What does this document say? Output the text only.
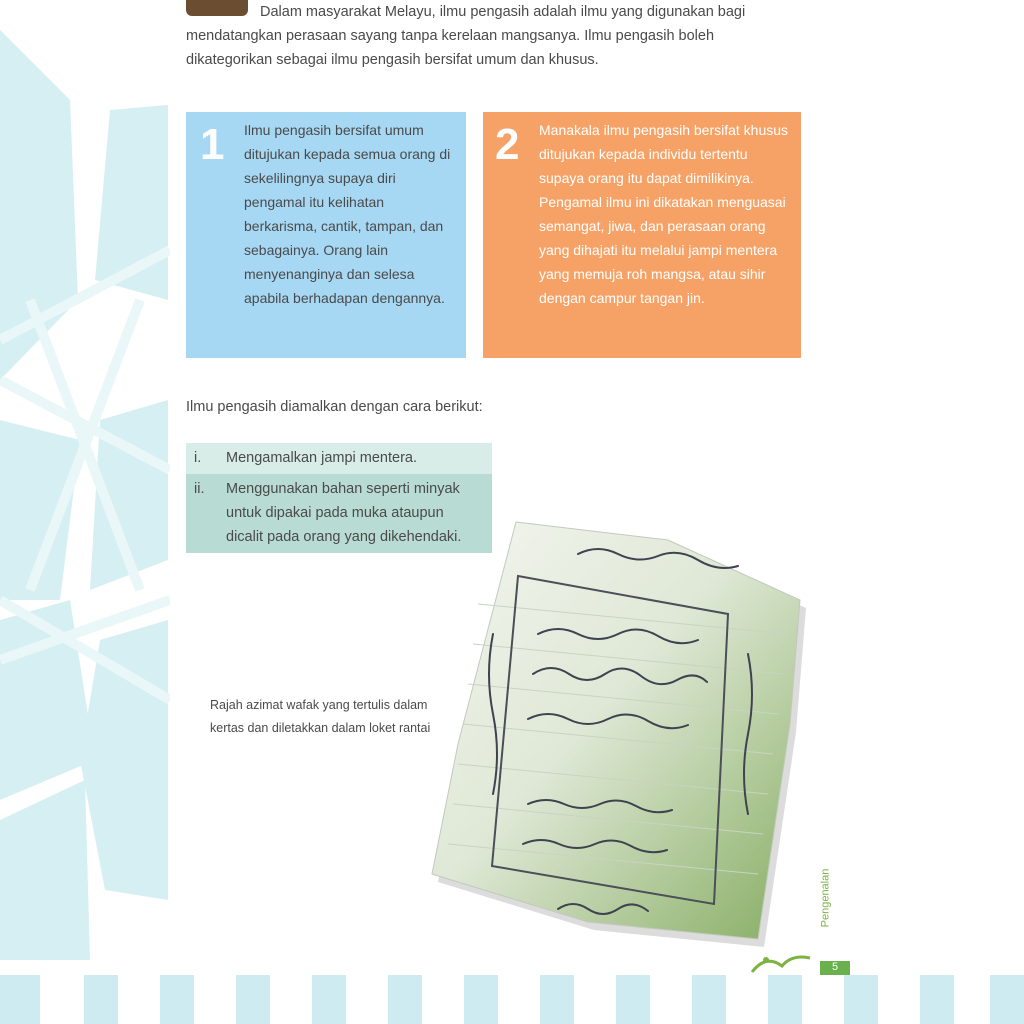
Dalam masyarakat Melayu, ilmu pengasih adalah ilmu yang digunakan bagi mendatangkan perasaan sayang tanpa kerelaan mangsanya. Ilmu pengasih boleh dikategorikan sebagai ilmu pengasih bersifat umum dan khusus.

1 Ilmu pengasih bersifat umum ditujukan kepada semua orang di sekelilingnya supaya diri pengamal itu kelihatan berkarisma, cantik, tampan, dan sebagainya. Orang lain menyenanginya dan selesa apabila berhadapan dengannya.
2 Manakala ilmu pengasih bersifat khusus ditujukan kepada individu tertentu supaya orang itu dapat dimilikinya. Pengamal ilmu ini dikatakan menguasai semangat, jiwa, dan perasaan orang yang dihajati itu melalui jampi mentera yang memuja roh mangsa, atau sihir dengan campur tangan jin.
Ilmu pengasih diamalkan dengan cara berikut:
i.	Mengamalkan jampi mentera.
ii.	Menggunakan bahan seperti minyak untuk dipakai pada muka ataupun dicalit pada orang yang dikehendaki.
Rajah azimat wafak yang tertulis dalam kertas dan diletakkan dalam loket rantai
Pengenalan
5
